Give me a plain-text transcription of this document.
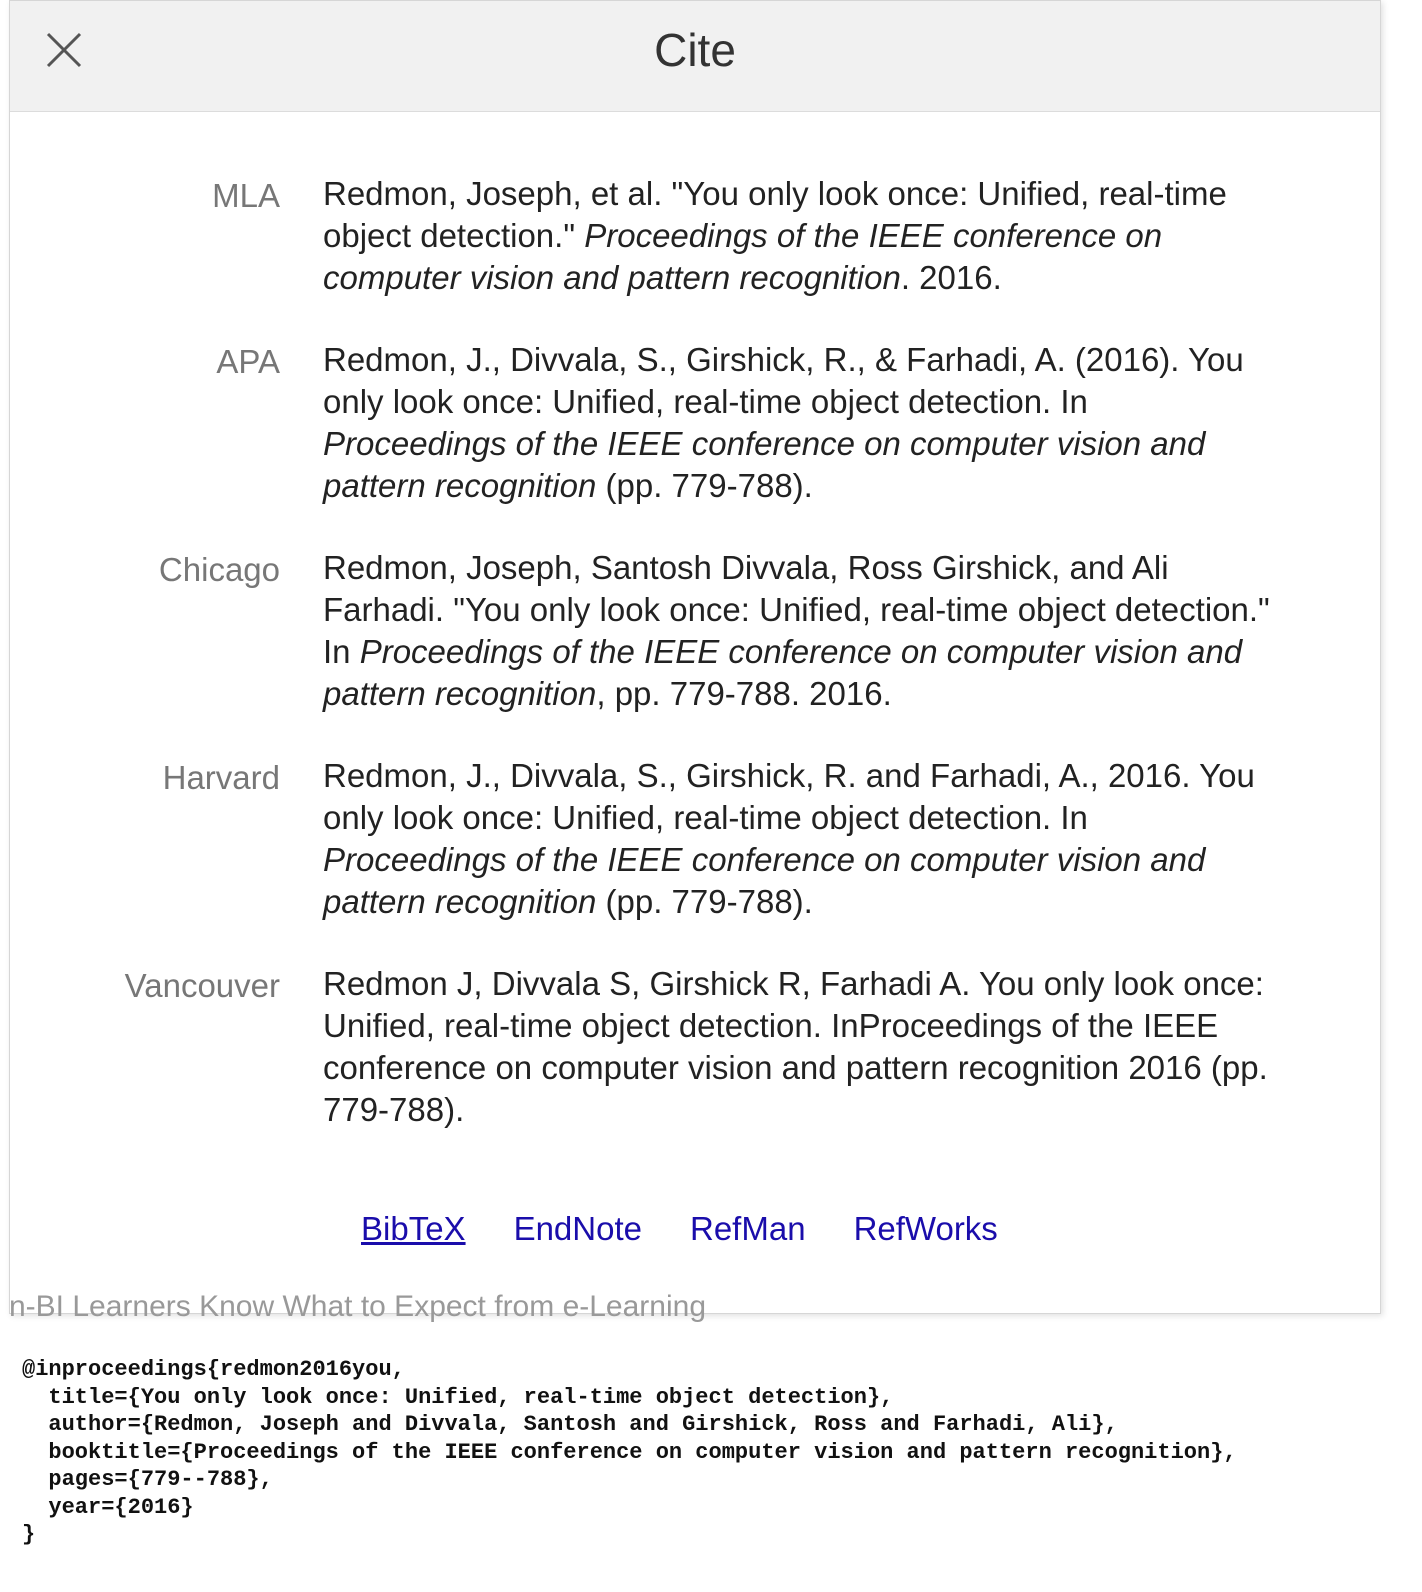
Cite
MLA Redmon, Joseph, et al. "You only look once: Unified, real-time object detection." Proceedings of the IEEE conference on computer vision and pattern recognition. 2016.
APA Redmon, J., Divvala, S., Girshick, R., & Farhadi, A. (2016). You only look once: Unified, real-time object detection. In Proceedings of the IEEE conference on computer vision and pattern recognition (pp. 779-788).
Chicago Redmon, Joseph, Santosh Divvala, Ross Girshick, and Ali Farhadi. "You only look once: Unified, real-time object detection." In Proceedings of the IEEE conference on computer vision and pattern recognition, pp. 779-788. 2016.
Harvard Redmon, J., Divvala, S., Girshick, R. and Farhadi, A., 2016. You only look once: Unified, real-time object detection. In Proceedings of the IEEE conference on computer vision and pattern recognition (pp. 779-788).
Vancouver Redmon J, Divvala S, Girshick R, Farhadi A. You only look once: Unified, real-time object detection. InProceedings of the IEEE conference on computer vision and pattern recognition 2016 (pp. 779-788).
BibTeX EndNote RefMan RefWorks
n-BI Learners Know What to Expect from e-Learning
@inproceedings{redmon2016you,
title={You only look once: Unified, real-time object detection},
author={Redmon, Joseph and Divvala, Santosh and Girshick, Ross and Farhadi, Ali},
booktitle={Proceedings of the IEEE conference on computer vision and pattern recognition},
pages={779--788},
year={2016}
}
